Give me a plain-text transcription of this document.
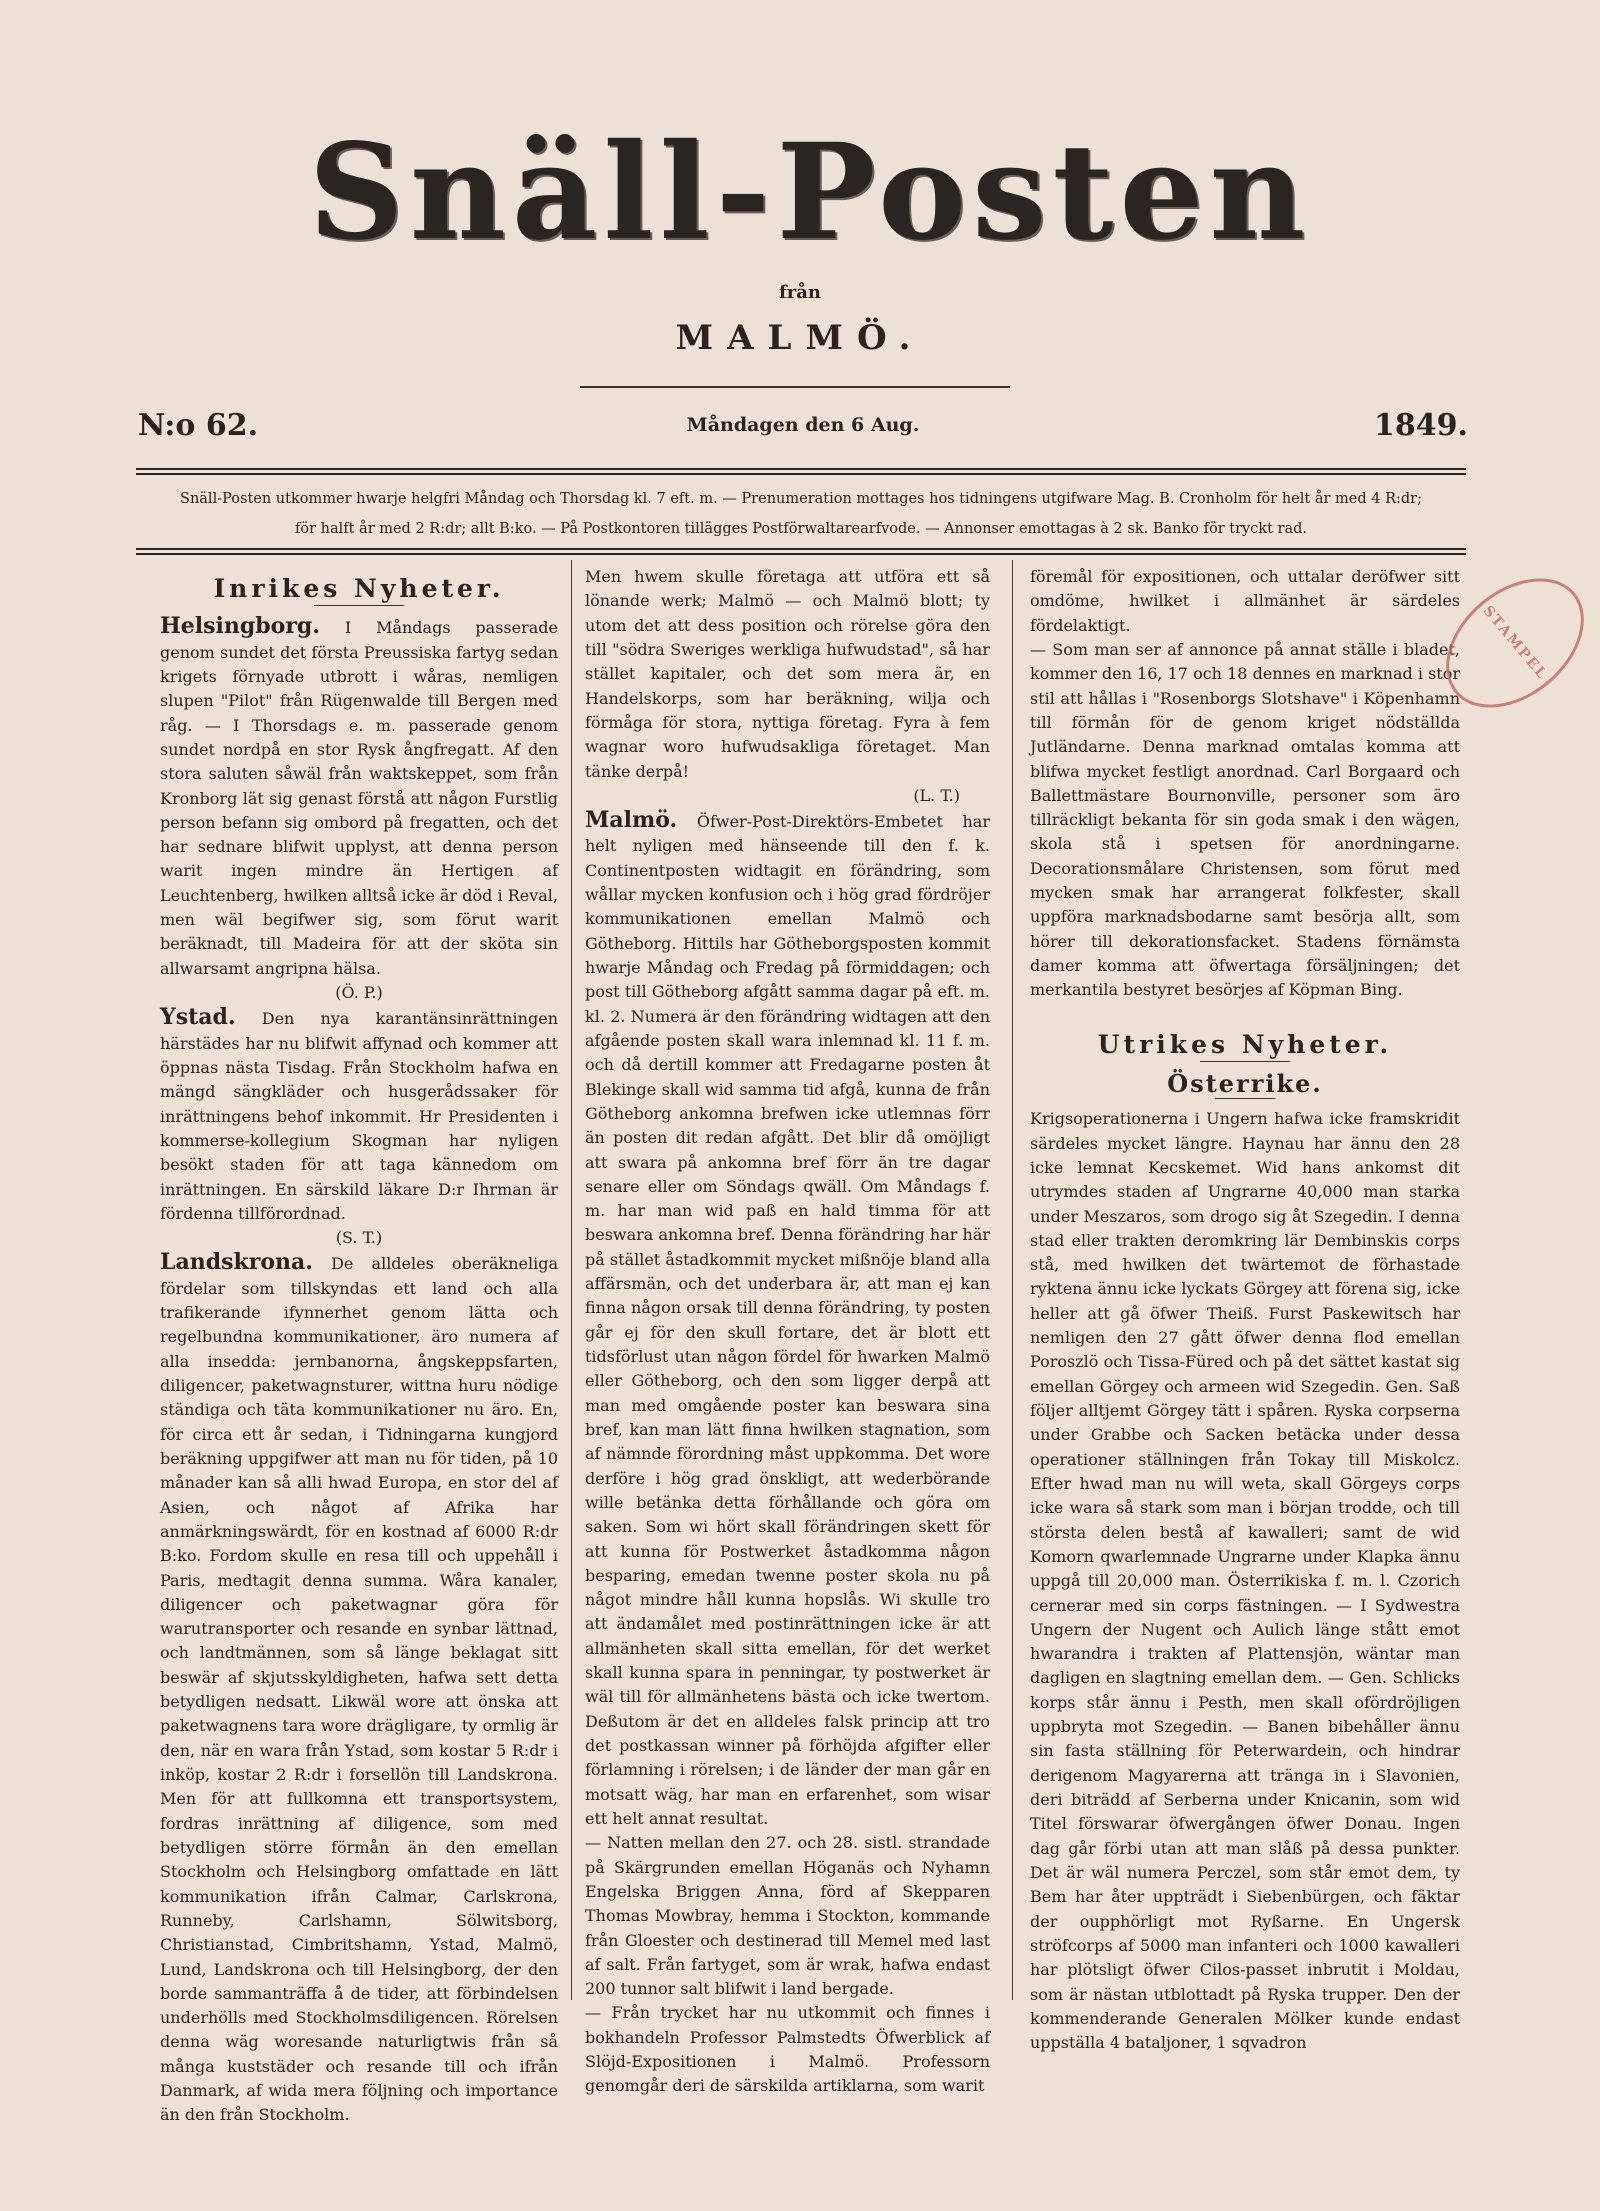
Snäll-Posten
från
MALMÖ.
Måndagen den 6 Aug.
N:o 62.	1849.
Snäll-Posten utkommer hwarje helgfri Måndag och Thorsdag kl. 7 eft. m. — Prenumeration mottages hos tidningens utgifware Mag. B. Cronholm för helt år med 4 R:dr;
för halft år med 2 R:dr; allt B:ko. — På Postkontoren tillägges Postförwaltarearfvode. — Annonser emottagas à 2 sk. Banko för tryckt rad.
Inrikes Nyheter.

Helsingborg. I Måndags passerade genom sundet det första Preussiska fartyg sedan krigets förnyade utbrott i wåras, nemligen slupen "Pilot" från Rügenwalde till Bergen med råg. — I Thorsdags e. m. passerade genom sundet nordpå en stor Rysk ångfregatt. Af den stora saluten såwäl från waktskeppet, som från Kronborg lät sig genast förstå att någon Furstlig person befann sig ombord på fregatten, och det har sednare blifwit upplyst, att denna person warit ingen mindre än Hertigen af Leuchtenberg, hwilken alltså icke är död i Reval, men wäl begifwer sig, som förut warit beräknadt, till Madeira för att der sköta sin allwarsamt angripna hälsa.

(Ö. P.)

Ystad. Den nya karantänsinrättningen härstädes har nu blifwit affynad och kommer att öppnas nästa Tisdag. Från Stockholm hafwa en mängd sängkläder och husgerådssaker för inrättningens behof inkommit. Hr Presidenten i kommerse-kollegium Skogman har nyligen besökt staden för att taga kännedom om inrättningen. En särskild läkare D:r Ihrman är fördenna tillförordnad.

(S. T.)

Landskrona. De alldeles oberäkneliga fördelar som tillskyndas ett land och alla trafikerande ifynnerhet genom lätta och regelbundna kommunikationer, äro numera af alla insedda: jernbanorna, ångskeppsfarten, diligencer, paketwagnsturer, wittna huru nödige ständiga och täta kommunikationer nu äro. En, för circa ett år sedan, i Tidningarna kungjord beräkning uppgifwer att man nu för tiden, på 10 månader kan så alli hwad Europa, en stor del af Asien, och något af Afrika har anmärkningswärdt, för en kostnad af 6000 R:dr B:ko. Fordom skulle en resa till och uppehåll i Paris, medtagit denna summa. Wåra kanaler, diligencer och paketwagnar göra för warutransporter och resande en synbar lättnad, och landtmännen, som så länge beklagat sitt beswär af skjutsskyldigheten, hafwa sett detta betydligen nedsatt. Likwäl wore att önska att paketwagnens tara wore drägligare, ty ormlig är den, när en wara från Ystad, som kostar 5 R:dr i inköp, kostar 2 R:dr i forsellön till Landskrona. Men för att fullkomna ett transportsystem, fordras inrättning af diligence, som med betydligen större förmån än den emellan Stockholm och Helsingborg omfattade en lätt kommunikation ifrån Calmar, Carlskrona, Runneby, Carlshamn, Sölwitsborg, Christianstad, Cimbritshamn, Ystad, Malmö, Lund, Landskrona och till Helsingborg, der den borde sammanträffa å de tider, att förbindelsen underhölls med Stockholmsdiligencen. Rörelsen denna wäg woresande naturligtwis från så många kuststäder och resande till och ifrån Danmark, af wida mera följning och importance än den från Stockholm.

Men hwem skulle företaga att utföra ett så lönande werk; Malmö — och Malmö blott; ty utom det att dess position och rörelse göra den till "södra Sweriges werkliga hufwudstad", så har stället kapitaler, och det som mera är, en Handelskorps, som har beräkning, wilja och förmåga för stora, nyttiga företag. Fyra à fem wagnar woro hufwudsakliga företaget. Man tänke derpå!

(L. T.)

Malmö. Öfwer-Post-Direktörs-Embetet har helt nyligen med hänseende till den f. k. Continentposten widtagit en förändring, som wållar mycken konfusion och i hög grad fördröjer kommunikationen emellan Malmö och Götheborg. Hittils har Götheborgsposten kommit hwarje Måndag och Fredag på förmiddagen; och post till Götheborg afgått samma dagar på eft. m. kl. 2. Numera är den förändring widtagen att den afgående posten skall wara inlemnad kl. 11 f. m. och då dertill kommer att Fredagarne posten åt Blekinge skall wid samma tid afgå, kunna de från Götheborg ankomna brefwen icke utlemnas förr än posten dit redan afgått. Det blir då omöjligt att swara på ankomna bref förr än tre dagar senare eller om Söndags qwäll. Om Måndags f. m. har man wid paß en hald timma för att beswara ankomna bref. Denna förändring har här på stället åstadkommit mycket mißnöje bland alla affärsmän, och det underbara är, att man ej kan finna någon orsak till denna förändring, ty posten går ej för den skull fortare, det är blott ett tidsförlust utan någon fördel för hwarken Malmö eller Götheborg, och den som ligger derpå att man med omgående poster kan beswara sina bref, kan man lätt finna hwilken stagnation, som af nämnde förordning måst uppkomma. Det wore derföre i hög grad önskligt, att wederbörande wille betänka detta förhållande och göra om saken. Som wi hört skall förändringen skett för att kunna för Postwerket åstadkomma någon besparing, emedan twenne poster skola nu på något mindre håll kunna hopslås. Wi skulle tro att ändamålet med postinrättningen icke är att allmänheten skall sitta emellan, för det werket skall kunna spara in penningar, ty postwerket är wäl till för allmänhetens bästa och icke twertom. Deßutom är det en alldeles falsk princip att tro det postkassan winner på förhöjda afgifter eller förlamning i rörelsen; i de länder der man går en motsatt wäg, har man en erfarenhet, som wisar ett helt annat resultat.

— Natten mellan den 27. och 28. sistl. strandade på Skärgrunden emellan Höganäs och Nyhamn Engelska Briggen Anna, förd af Skepparen Thomas Mowbray, hemma i Stockton, kommande från Gloester och destinerad till Memel med last af salt. Från fartyget, som är wrak, hafwa endast 200 tunnor salt blifwit i land bergade.

— Från trycket har nu utkommit och finnes i bokhandeln Professor Palmstedts Öfwerblick af Slöjd-Expositionen i Malmö. Professorn genomgår deri de särskilda artiklarna, som warit

föremål för expositionen, och uttalar deröfwer sitt omdöme, hwilket i allmänhet är särdeles fördelaktigt.

— Som man ser af annonce på annat ställe i bladet, kommer den 16, 17 och 18 dennes en marknad i stor stil att hållas i "Rosenborgs Slotshave" i Köpenhamn till förmån för de genom kriget nödställda Jutländarne. Denna marknad omtalas komma att blifwa mycket festligt anordnad. Carl Borgaard och Ballettmästare Bournonville, personer som äro tillräckligt bekanta för sin goda smak i den wägen, skola stå i spetsen för anordningarne. Decorationsmålare Christensen, som förut med mycken smak har arrangerat folkfester, skall uppföra marknadsbodarne samt besörja allt, som hörer till dekorationsfacket. Stadens förnämsta damer komma att öfwertaga försäljningen; det merkantila bestyret besörjes af Köpman Bing.

Utrikes Nyheter.
Österrike.

Krigsoperationerna i Ungern hafwa icke framskridit särdeles mycket längre. Haynau har ännu den 28 icke lemnat Kecskemet. Wid hans ankomst dit utrymdes staden af Ungrarne 40,000 man starka under Meszaros, som drogo sig åt Szegedin. I denna stad eller trakten deromkring lär Dembinskis corps stå, med hwilken det twärtemot de förhastade ryktena ännu icke lyckats Görgey att förena sig, icke heller att gå öfwer Theiß. Furst Paskewitsch har nemligen den 27 gått öfwer denna flod emellan Poroszlö och Tissa-Füred och på det sättet kastat sig emellan Görgey och armeen wid Szegedin. Gen. Saß följer alltjemt Görgey tätt i spåren. Ryska corpserna under Grabbe och Sacken betäcka under dessa operationer ställningen från Tokay till Miskolcz. Efter hwad man nu will weta, skall Görgeys corps icke wara så stark som man i början trodde, och till största delen bestå af kawalleri; samt de wid Komorn qwarlemnade Ungrarne under Klapka ännu uppgå till 20,000 man. Österrikiska f. m. l. Czorich cernerar med sin corps fästningen. — I Sydwestra Ungern der Nugent och Aulich länge stått emot hwarandra i trakten af Plattensjön, wäntar man dagligen en slagtning emellan dem. — Gen. Schlicks korps står ännu i Pesth, men skall ofördröjligen uppbryta mot Szegedin. — Banen bibehåller ännu sin fasta ställning för Peterwardein, och hindrar derigenom Magyarerna att tränga in i Slavonien, deri biträdd af Serberna under Knicanin, som wid Titel förswarar öfwergången öfwer Donau. Ingen dag går förbi utan att man slåß på dessa punkter. Det är wäl numera Perczel, som står emot dem, ty Bem har åter uppträdt i Siebenbürgen, och fäktar der oupphörligt mot Ryßarne. En Ungersk ströfcorps af 5000 man infanteri och 1000 kawalleri har plötsligt öfwer Cilos-passet inbrutit i Moldau, som är nästan utblottadt på Ryska trupper. Den der kommenderande Generalen Mölker kunde endast uppställa 4 bataljoner, 1 sqvadron

STAMPEL
